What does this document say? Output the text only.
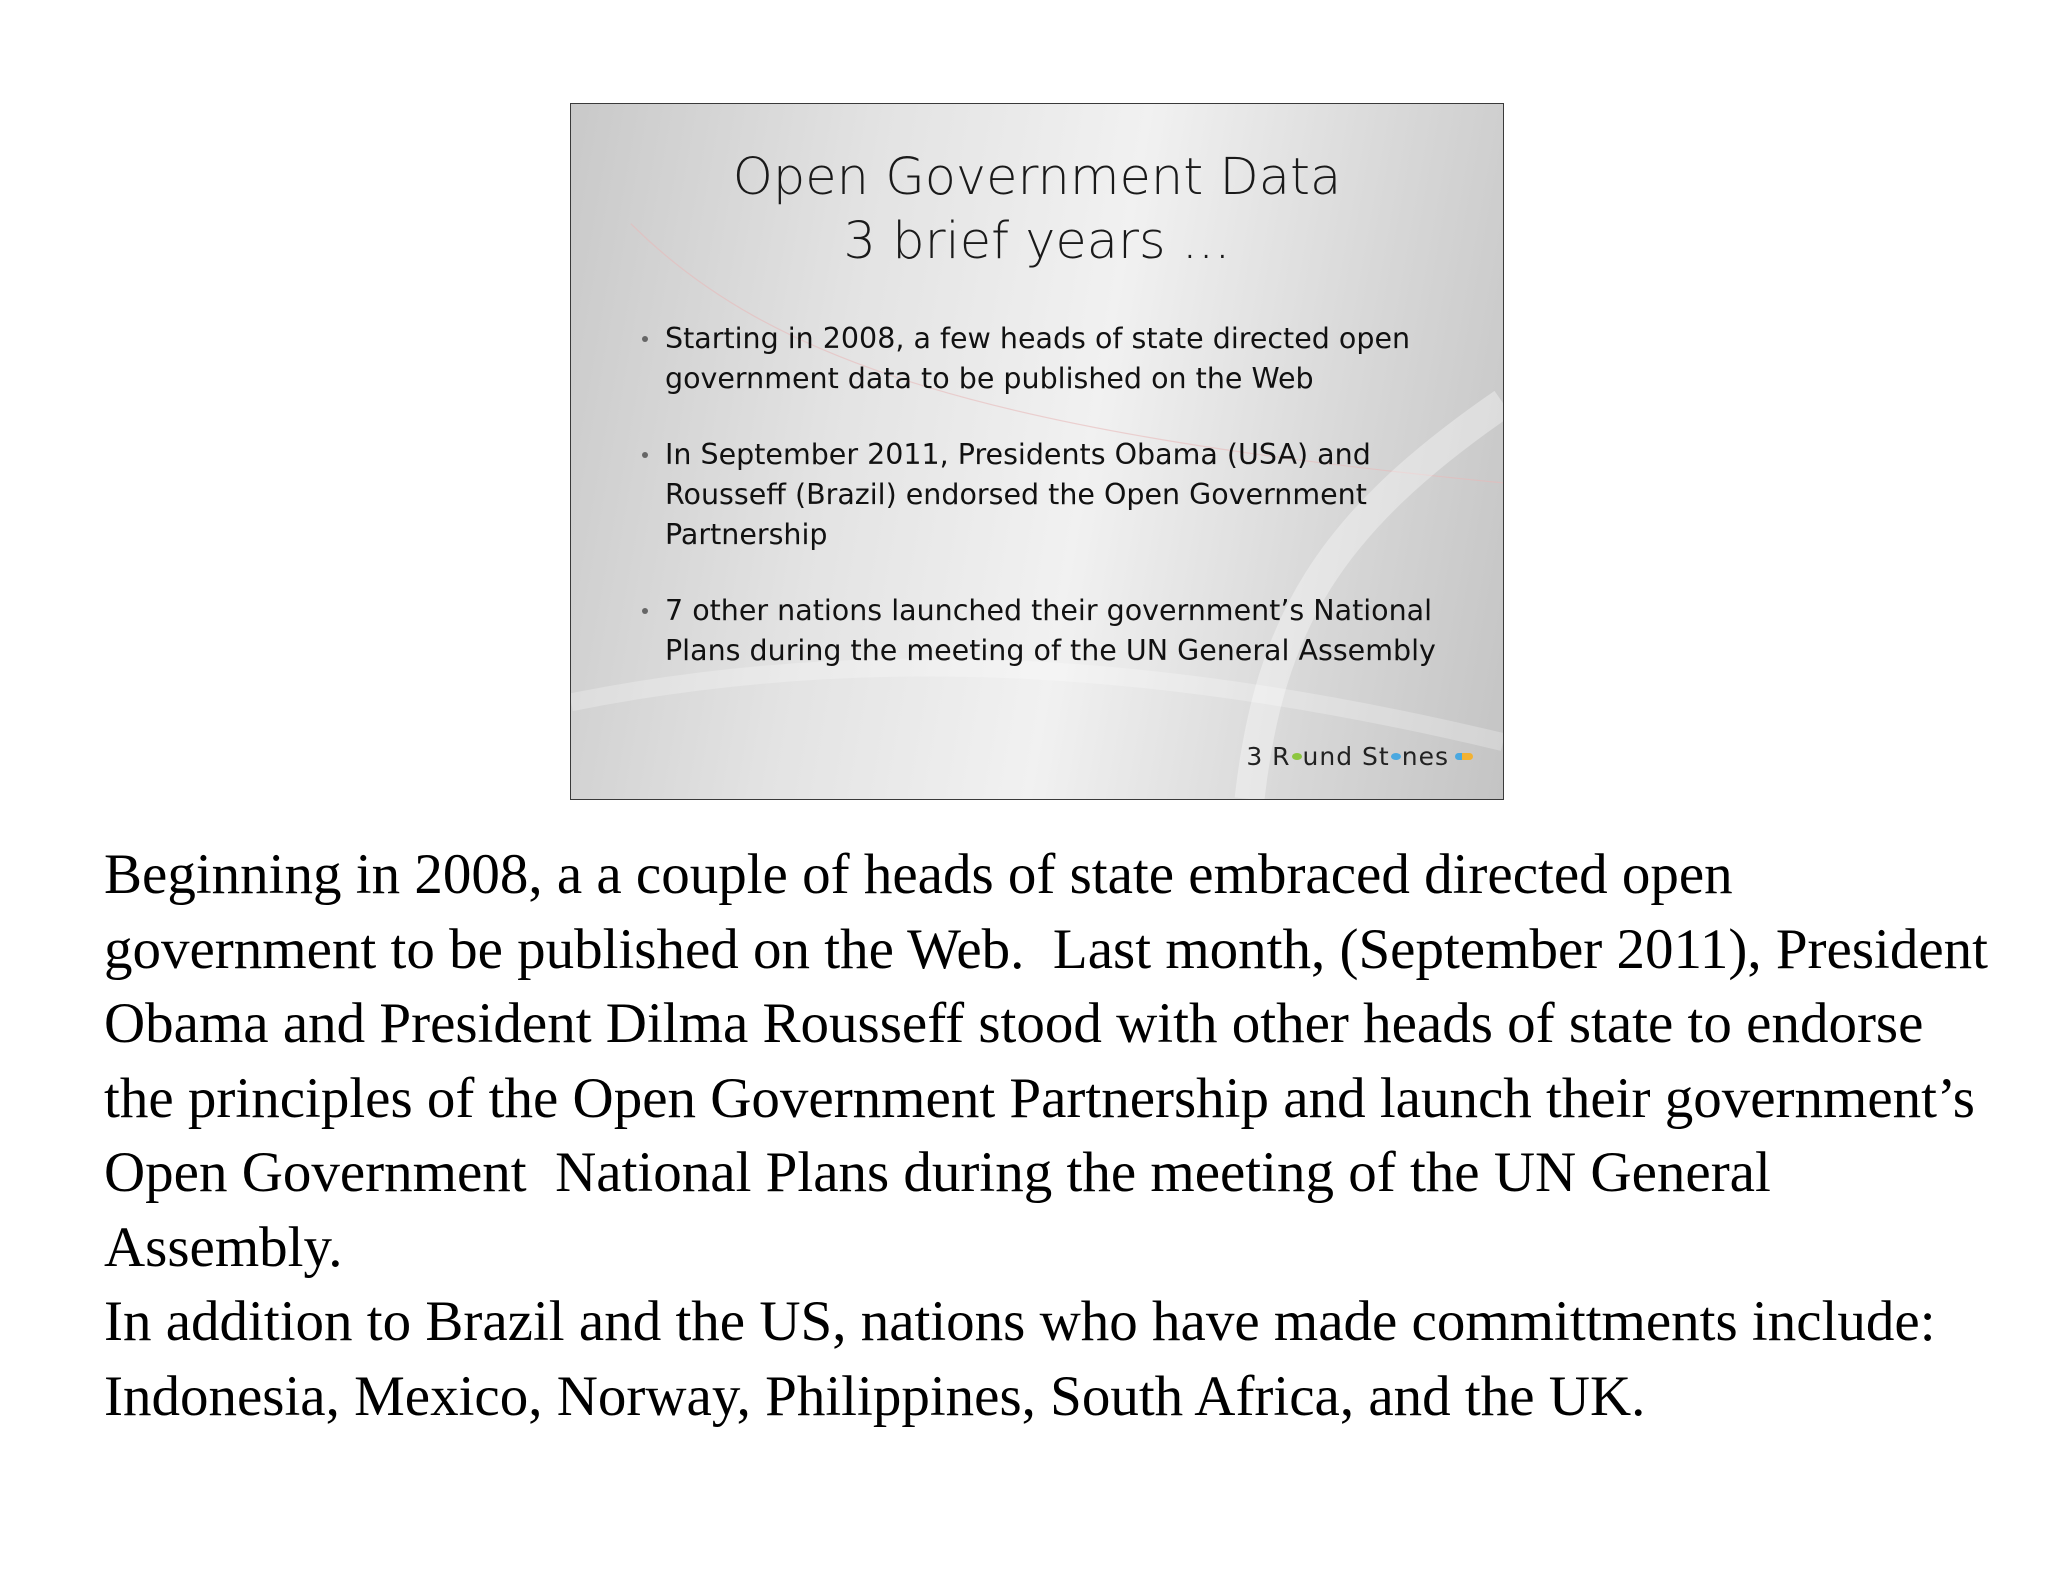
Open Government Data
3 brief years ...
Starting in 2008, a few heads of state directed open government data to be published on the Web
In September 2011, Presidents Obama (USA) and Rousseff (Brazil) endorsed the Open Government Partnership
7 other nations launched their government’s National Plans during the meeting of the UN General Assembly
3 R und St nes

Beginning in 2008, a a couple of heads of state embraced directed open government to be published on the Web.  Last month, (September 2011), President Obama and President Dilma Rousseff stood with other heads of state to endorse the principles of the Open Government Partnership and launch their government’s Open Government  National Plans during the meeting of the UN General Assembly.

In addition to Brazil and the US, nations who have made committments include: Indonesia, Mexico, Norway, Philippines, South Africa, and the UK.
